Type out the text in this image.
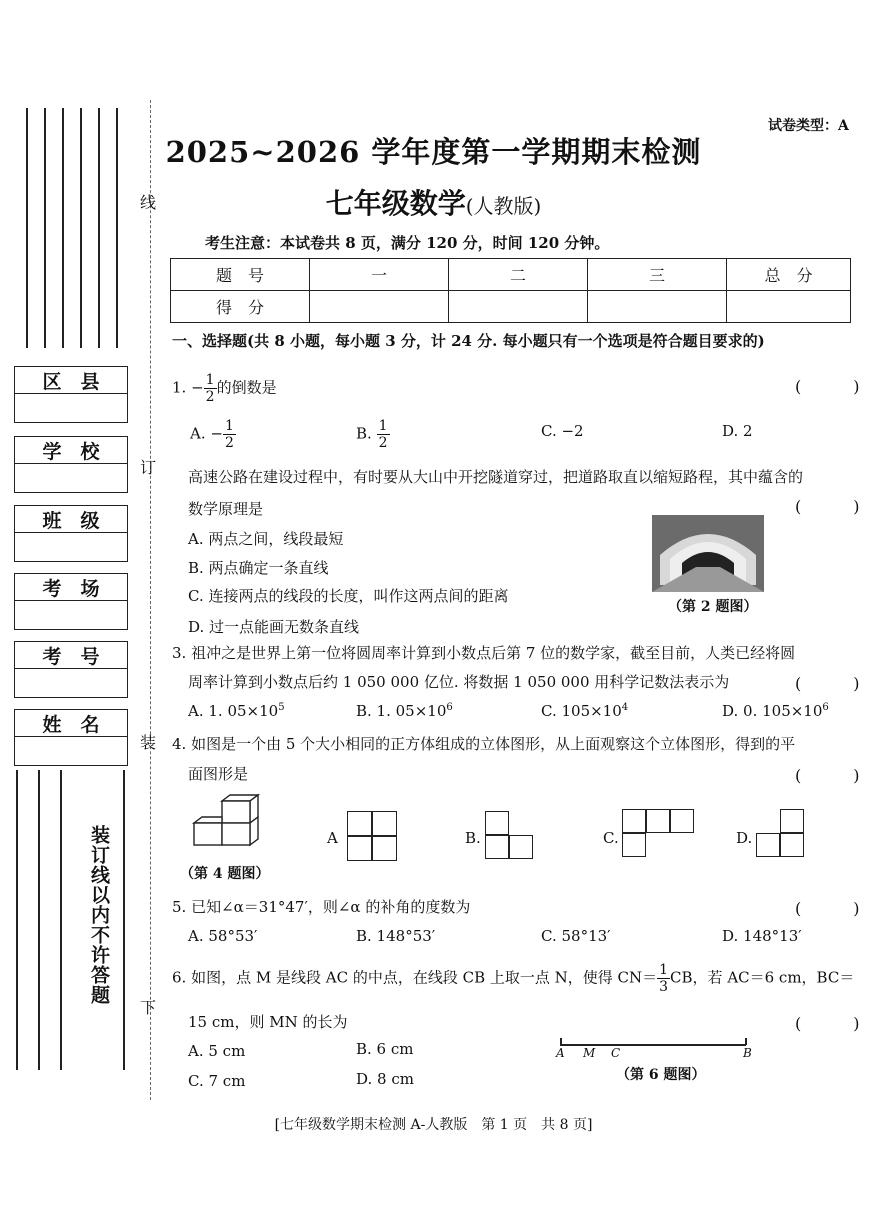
线
订
装
下
装订线以内不许答题
区　县
学　校
班　级
考　场
考　号
姓　名
试卷类型：A
2025~2026 学年度第一学期期末检测
七年级数学(人教版)
考生注意：本试卷共 8 页，满分 120 分，时间 120 分钟。
题　号	一	二	三	总　分
得　分				
一、选择题(共 8 小题，每小题 3 分，计 24 分. 每小题只有一个选项是符合题目要求的)
1. − $\frac{1}{2}$ 的倒数是	(　)
A. − $\frac{1}{2}$	B. $\frac{1}{2}$	C. −2	D. 2
高速公路在建设过程中，有时要从大山中开挖隧道穿过，把道路取直以缩短路程，其中蕴含的
数学原理是	(　)
A. 两点之间，线段最短
B. 两点确定一条直线
C. 连接两点的线段的长度，叫作这两点间的距离
D. 过一点能画无数条直线
（第 2 题图）
3. 祖冲之是世界上第一位将圆周率计算到小数点后第 7 位的数学家，截至目前，人类已经将圆
周率计算到小数点后约 1 050 000 亿位. 将数据 1 050 000 用科学记数法表示为	(　)
A. 1. $05\times 10^5$	B. 1. $05\times 10^6$	C. $105\times 10^4$	D. 0. $105\times 10^6$
4. 如图是一个由 5 个大小相同的正方体组成的立体图形，从上面观察这个立体图形，得到的平
面图形是	(　)
（第 4 题图）
A	B.	C.	D.
5. 已知∠α＝31°47′，则∠α 的补角的度数为	(　)
A. 58°53′	B. 148°53′	C. 58°13′	D. 148°13′
6. 如图，点 M 是线段 AC 的中点，在线段 CB 上取一点 N，使得 $CN= \frac{1}{3}$ CB，若 AC＝6 cm，BC＝
15 cm，则 MN 的长为	(　)
A. 5 cm	B. 6 cm
C. 7 cm	D. 8 cm
A M C	B
（第 6 题图）
[七年级数学期末检测 A-人教版　第 1 页　共 8 页]
